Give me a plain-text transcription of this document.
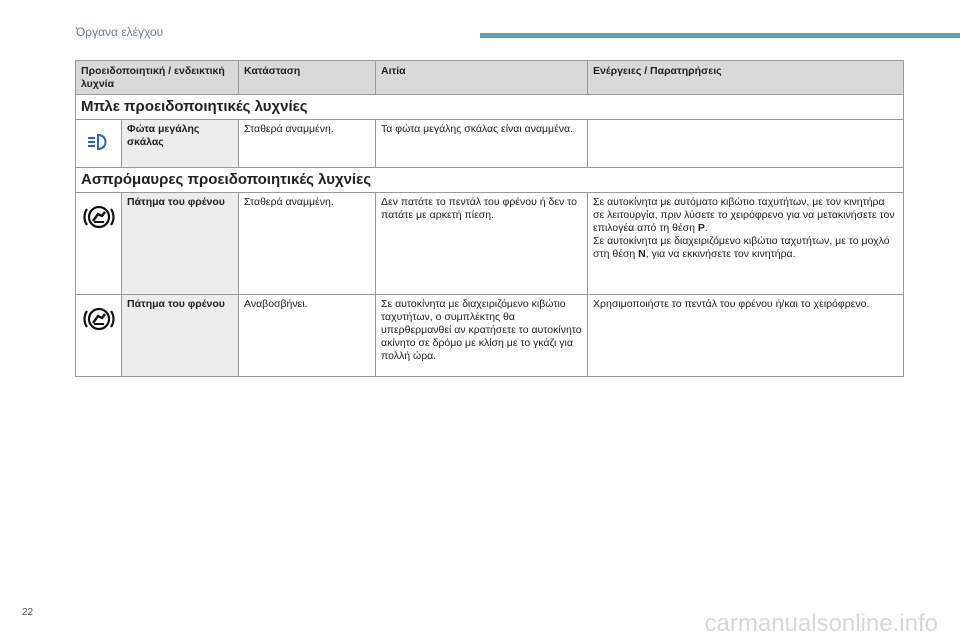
Όργανα ελέγχου
Προειδοποιητική / ενδεικτική λυχνία		Κατάσταση	Αιτία	Ενέργειες / Παρατηρήσεις
Μπλε προειδοποιητικές λυχνίες				
	Φώτα μεγάλης σκάλας	Σταθερά αναμμένη.	Τα φώτα μεγάλης σκάλας είναι αναμμένα.	
Ασπρόμαυρες προειδοποιητικές λυχνίες				
	Πάτημα του φρένου	Σταθερά αναμμένη.	Δεν πατάτε το πεντάλ του φρένου ή δεν το πατάτε με αρκετή πίεση.	Σε αυτοκίνητα με αυτόματο κιβώτιο ταχυτήτων, με τον κινητήρα σε λειτουργία, πριν λύσετε το χειρόφρενο για να μετακινήσετε τον επιλογέα από τη θέση P.
Σε αυτοκίνητα με διαχειριζόμενο κιβώτιο ταχυτήτων, με το μοχλό στη θέση N, για να εκκινήσετε τον κινητήρα.
	Πάτημα του φρένου	Αναβοσβήνει.	Σε αυτοκίνητα με διαχειριζόμενο κιβώτιο ταχυτήτων, ο συμπλέκτης θα υπερθερμανθεί αν κρατήσετε το αυτοκίνητο ακίνητο σε δρόμο με κλίση με το γκάζι για πολλή ώρα.	Χρησιμοποιήστε το πεντάλ του φρένου ή/και το χειρόφρενο.
22	carmanualsonline.info
